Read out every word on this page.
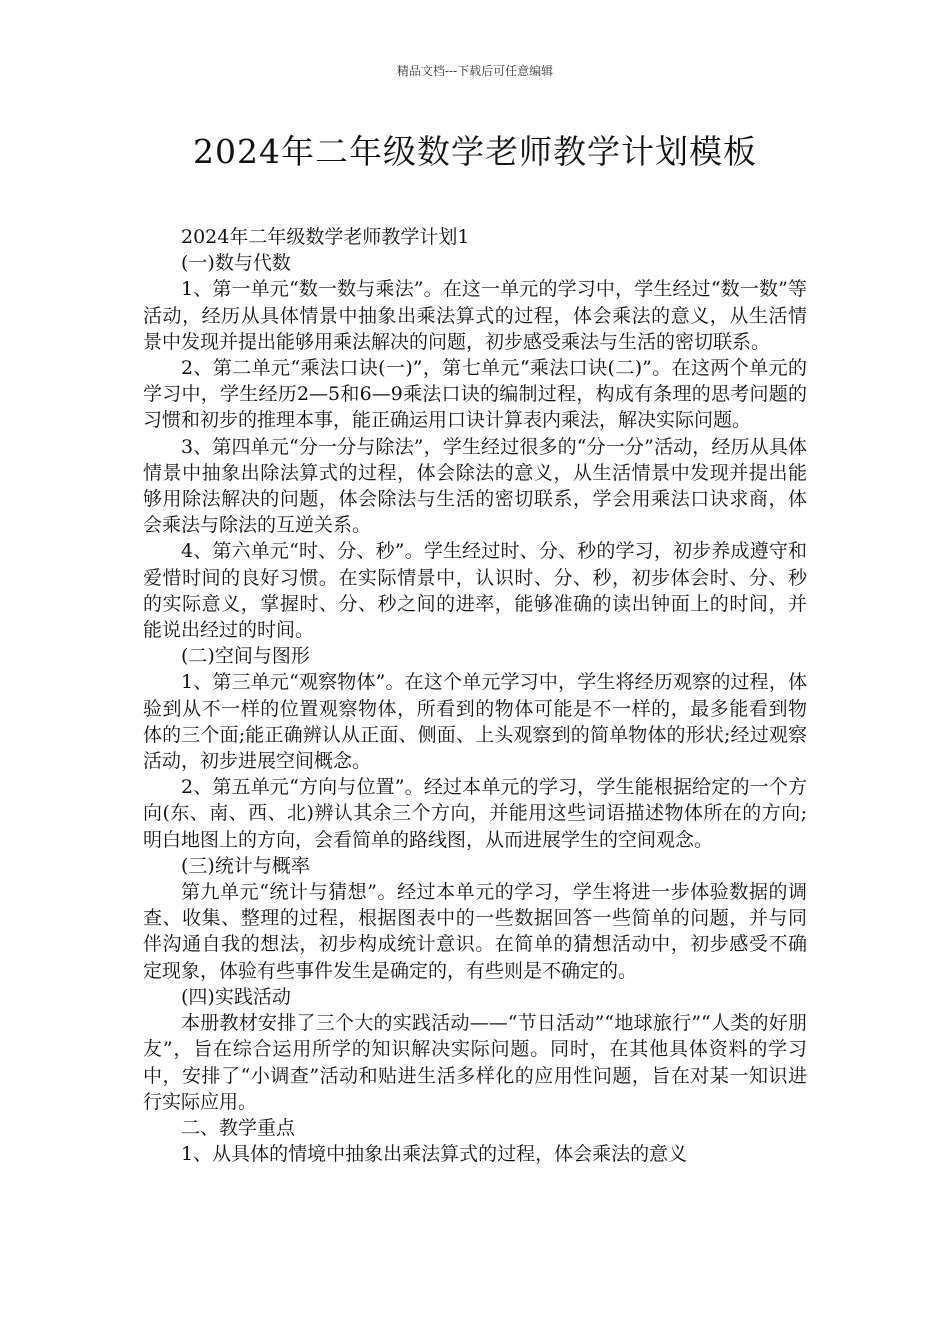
精品文档---下载后可任意编辑
2024年二年级数学老师教学计划模板

2024年二年级数学老师教学计划1

(一)数与代数

1、第一单元“数一数与乘法”。在这一单元的学习中，学生经过“数一数”等活动，经历从具体情景中抽象出乘法算式的过程，体会乘法的意义，从生活情景中发现并提出能够用乘法解决的问题，初步感受乘法与生活的密切联系。

2、第二单元“乘法口诀(一)”，第七单元“乘法口诀(二)”。在这两个单元的学习中，学生经历2—5和6—9乘法口诀的编制过程，构成有条理的思考问题的习惯和初步的推理本事，能正确运用口诀计算表内乘法，解决实际问题。

3、第四单元“分一分与除法”，学生经过很多的“分一分”活动，经历从具体情景中抽象出除法算式的过程，体会除法的意义，从生活情景中发现并提出能够用除法解决的问题，体会除法与生活的密切联系，学会用乘法口诀求商，体会乘法与除法的互逆关系。

4、第六单元“时、分、秒”。学生经过时、分、秒的学习，初步养成遵守和爱惜时间的良好习惯。在实际情景中，认识时、分、秒，初步体会时、分、秒的实际意义，掌握时、分、秒之间的进率，能够准确的读出钟面上的时间，并能说出经过的时间。

(二)空间与图形

1、第三单元“观察物体”。在这个单元学习中，学生将经历观察的过程，体验到从不一样的位置观察物体，所看到的物体可能是不一样的，最多能看到物体的三个面;能正确辨认从正面、侧面、上头观察到的简单物体的形状;经过观察活动，初步进展空间概念。

2、第五单元“方向与位置”。经过本单元的学习，学生能根据给定的一个方向(东、南、西、北)辨认其余三个方向，并能用这些词语描述物体所在的方向;明白地图上的方向，会看简单的路线图，从而进展学生的空间观念。

(三)统计与概率

第九单元“统计与猜想”。经过本单元的学习，学生将进一步体验数据的调查、收集、整理的过程，根据图表中的一些数据回答一些简单的问题，并与同伴沟通自我的想法，初步构成统计意识。在简单的猜想活动中，初步感受不确定现象，体验有些事件发生是确定的，有些则是不确定的。

(四)实践活动

本册教材安排了三个大的实践活动——“节日活动”“地球旅行”“人类的好朋友”，旨在综合运用所学的知识解决实际问题。同时，在其他具体资料的学习中，安排了“小调查”活动和贴进生活多样化的应用性问题，旨在对某一知识进行实际应用。

二、教学重点

1、从具体的情境中抽象出乘法算式的过程，体会乘法的意义
